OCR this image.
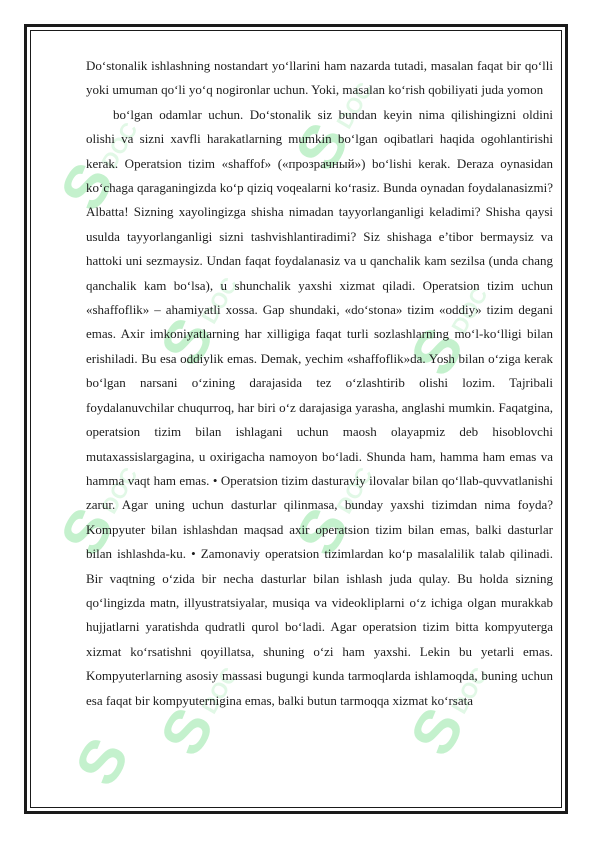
S
DOC S
DOC
S
DOC
S
DOC
S
DOC
S
DOC
S
DOC
S
DOC
S

Do‘stonalik ishlashning nostandart yo‘llarini ham nazarda tutadi, masalan faqat bir qo‘lli yoki umuman qo‘li yo‘q nogironlar uchun. Yoki, masalan ko‘rish qobiliyati juda yomon

bo‘lgan odamlar uchun. Do‘stonalik siz bundan keyin nima qilishingizni oldini olishi va sizni xavfli harakatlarning mumkin bo‘lgan oqibatlari haqida ogohlantirishi kerak. Operatsion tizim «shaffof» («прозрачный») bo‘lishi kerak. Deraza oynasidan ko‘chaga qaraganingizda ko‘p qiziq voqealarni ko‘rasiz. Bunda oynadan foydalanasizmi? Albatta! Sizning xayolingizga shisha nimadan tayyorlanganligi keladimi? Shisha qaysi usulda tayyorlanganligi sizni tashvishlantiradimi? Siz shishaga e’tibor bermaysiz va hattoki uni sezmaysiz. Undan faqat foydalanasiz va u qanchalik kam sezilsa (unda chang qanchalik kam bo‘lsa), u shunchalik yaxshi xizmat qiladi. Operatsion tizim uchun «shaffoflik» – ahamiyatli xossa. Gap shundaki, «do‘stona» tizim «oddiy» tizim degani emas. Axir imkoniyatlarning har xilligiga faqat turli sozlashlarning mo‘l-ko‘lligi bilan erishiladi. Bu esa oddiylik emas. Demak, yechim «shaffoflik»da. Yosh bilan o‘ziga kerak bo‘lgan narsani o‘zining darajasida tez o‘zlashtirib olishi lozim. Tajribali foydalanuvchilar chuqurroq, har biri o‘z darajasiga yarasha, anglashi mumkin. Faqatgina, operatsion tizim bilan ishlagani uchun maosh olayapmiz deb hisoblovchi mutaxassislargagina, u oxirigacha namoyon bo‘ladi. Shunda ham, hamma ham emas va hamma vaqt ham emas. • Operatsion tizim dasturaviy ilovalar bilan qo‘llab-quvvatlanishi zarur. Agar uning uchun dasturlar qilinmasa, bunday yaxshi tizimdan nima foyda? Kompyuter bilan ishlashdan maqsad axir operatsion tizim bilan emas, balki dasturlar bilan ishlashda-ku. • Zamonaviy operatsion tizimlardan ko‘p masalalilik talab qilinadi. Bir vaqtning o‘zida bir necha dasturlar bilan ishlash juda qulay. Bu holda sizning qo‘lingizda matn, illyustratsiyalar, musiqa va videokliplarni o‘z ichiga olgan murakkab hujjatlarni yaratishda qudratli qurol bo‘ladi. Agar operatsion tizim bitta kompyuterga xizmat ko‘rsatishni qoyillatsa, shuning o‘zi ham yaxshi. Lekin bu yetarli emas. Kompyuterlarning asosiy massasi bugungi kunda tarmoqlarda ishlamoqda, buning uchun esa faqat bir kompyuternigina emas, balki butun tarmoqqa xizmat ko‘rsata
